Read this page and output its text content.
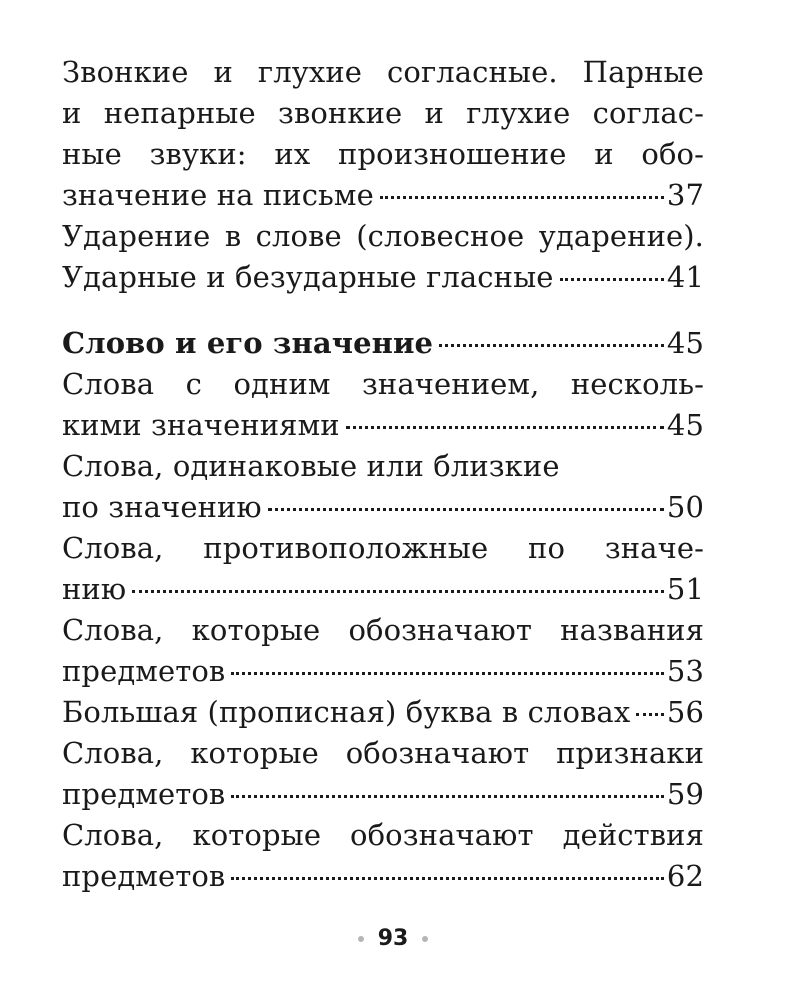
Звонкие и глухие согласные. Парные
и непарные звонкие и глухие соглас-
ные звуки: их произношение и обо-
значение на письме	37
Ударение в слове (словесное ударение).
Ударные и безударные гласные	41
Слово и его значение	45
Слова с одним значением, несколь-
кими значениями	45
Слова, одинаковые или близкие
по значению	50
Слова, противоположные по значе-
нию	51
Слова, которые обозначают названия
предметов	53
Большая (прописная) буква в словах 56
Слова, которые обозначают признаки
предметов	59
Слова, которые обозначают действия
предметов	62
93
